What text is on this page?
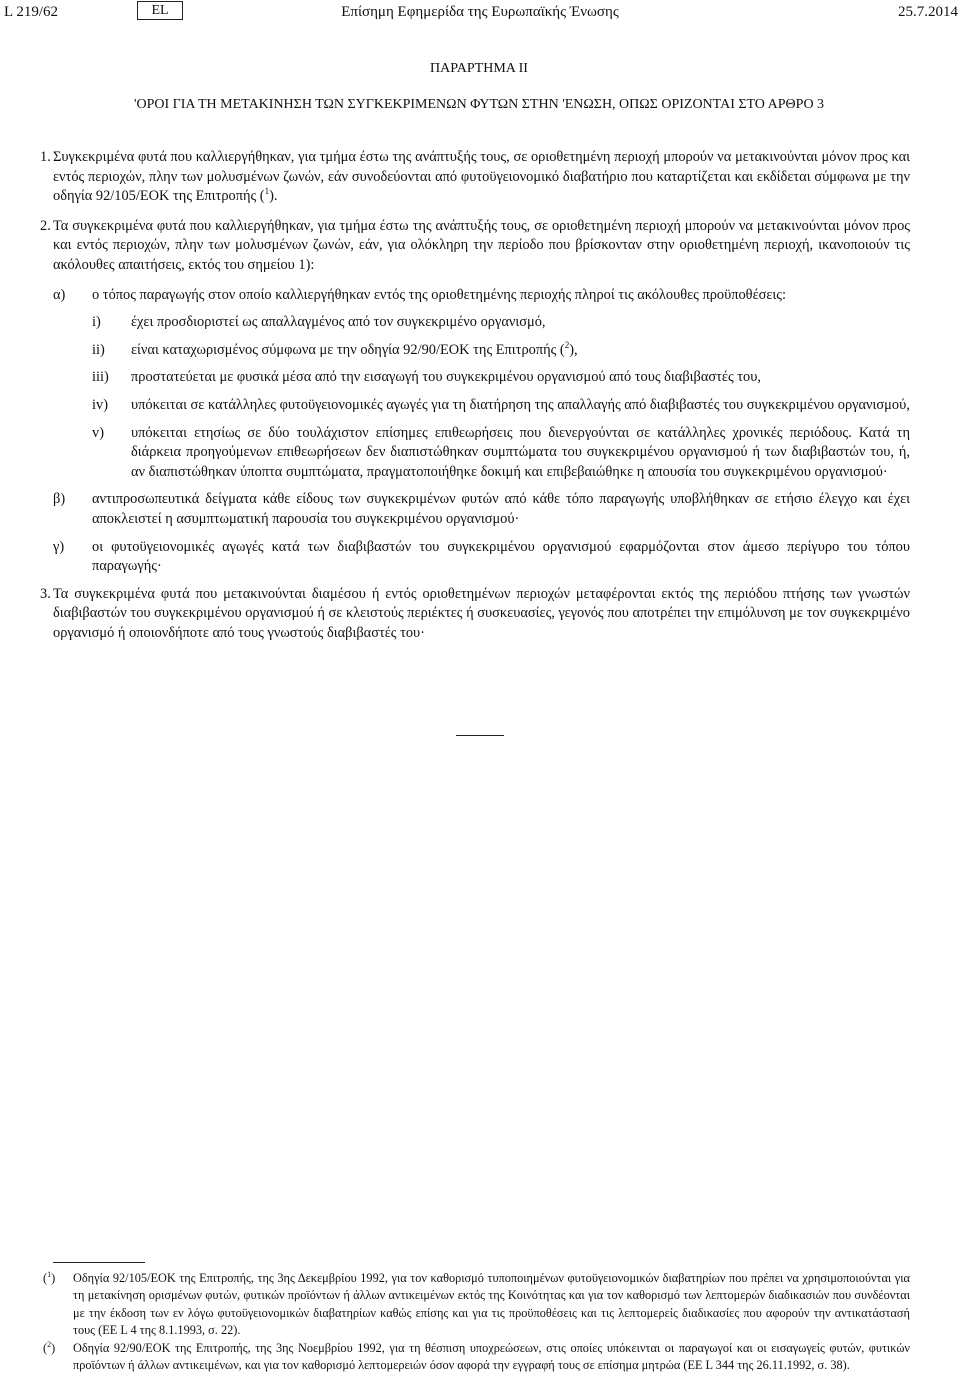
L 219/62	EL	Επίσημη Εφημερίδα της Ευρωπαϊκής Ένωσης	25.7.2014
ΠΑΡΑΡΤΗΜΑ II
'ΟΡΟΙ ΓΙΑ ΤΗ ΜΕΤΑΚΙΝΗΣΗ ΤΩΝ ΣΥΓΚΕΚΡΙΜΕΝΩΝ ΦΥΤΩΝ ΣΤΗΝ 'ΕΝΩΣΗ, ΟΠΩΣ ΟΡΙΖΟΝΤΑΙ ΣΤΟ ΑΡΘΡΟ 3
1. Συγκεκριμένα φυτά που καλλιεργήθηκαν, για τμήμα έστω της ανάπτυξής τους, σε οριοθετημένη περιοχή μπορούν να μετακινούνται μόνον προς και εντός περιοχών, πλην των μολυσμένων ζωνών, εάν συνοδεύονται από φυτοϋγειονομικό διαβατήριο που καταρτίζεται και εκδίδεται σύμφωνα με την οδηγία 92/105/ΕΟΚ της Επιτροπής ($^1$).
2. Τα συγκεκριμένα φυτά που καλλιεργήθηκαν, για τμήμα έστω της ανάπτυξής τους, σε οριοθετημένη περιοχή μπορούν να μετακινούνται μόνον προς και εντός περιοχών, πλην των μολυσμένων ζωνών, εάν, για ολόκληρη την περίοδο που βρίσκονταν στην οριοθετημένη περιοχή, ικανοποιούν τις ακόλουθες απαιτήσεις, εκτός του σημείου 1):
α) ο τόπος παραγωγής στον οποίο καλλιεργήθηκαν εντός της οριοθετημένης περιοχής πληροί τις ακόλουθες προϋποθέσεις:
i) έχει προσδιοριστεί ως απαλλαγμένος από τον συγκεκριμένο οργανισμό,
ii) είναι καταχωρισμένος σύμφωνα με την οδηγία 92/90/ΕΟΚ της Επιτροπής ($^2$),
iii) προστατεύεται με φυσικά μέσα από την εισαγωγή του συγκεκριμένου οργανισμού από τους διαβιβαστές του,
iv) υπόκειται σε κατάλληλες φυτοϋγειονομικές αγωγές για τη διατήρηση της απαλλαγής από διαβιβαστές του συγκεκριμένου οργανισμού,
v) υπόκειται ετησίως σε δύο τουλάχιστον επίσημες επιθεωρήσεις που διενεργούνται σε κατάλληλες χρονικές περιόδους. Κατά τη διάρκεια προηγούμενων επιθεωρήσεων δεν διαπιστώθηκαν συμπτώματα του συγκεκριμένου οργανισμού ή των διαβιβαστών του, ή, αν διαπιστώθηκαν ύποπτα συμπτώματα, πραγματοποιήθηκε δοκιμή και επιβεβαιώθηκε η απουσία του συγκεκριμένου οργανισμού·
β) αντιπροσωπευτικά δείγματα κάθε είδους των συγκεκριμένων φυτών από κάθε τόπο παραγωγής υποβλήθηκαν σε ετήσιο έλεγχο και έχει αποκλειστεί η ασυμπτωματική παρουσία του συγκεκριμένου οργανισμού·
γ) οι φυτοϋγειονομικές αγωγές κατά των διαβιβαστών του συγκεκριμένου οργανισμού εφαρμόζονται στον άμεσο περίγυρο του τόπου παραγωγής·
3. Τα συγκεκριμένα φυτά που μετακινούνται διαμέσου ή εντός οριοθετημένων περιοχών μεταφέρονται εκτός της περιόδου πτήσης των γνωστών διαβιβαστών του συγκεκριμένου οργανισμού ή σε κλειστούς περιέκτες ή συσκευασίες, γεγονός που αποτρέπει την επιμόλυνση με τον συγκεκριμένο οργανισμό ή οποιονδήποτε από τους γνωστούς διαβιβαστές του·
($^1$) Οδηγία 92/105/ΕΟΚ της Επιτροπής, της 3ης Δεκεμβρίου 1992, για τον καθορισμό τυποποιημένων φυτοϋγειονομικών διαβατηρίων που πρέπει να χρησιμοποιούνται για τη μετακίνηση ορισμένων φυτών, φυτικών προϊόντων ή άλλων αντικειμένων εκτός της Κοινότητας και για τον καθορισμό των λεπτομερών διαδικασιών που συνδέονται με την έκδοση των εν λόγω φυτοϋγειονομικών διαβατηρίων καθώς επίσης και για τις προϋποθέσεις και τις λεπτομερείς διαδικασίες που αφορούν την αντικατάστασή τους (ΕΕ L 4 της 8.1.1993, σ. 22).
($^2$) Οδηγία 92/90/ΕΟΚ της Επιτροπής, της 3ης Νοεμβρίου 1992, για τη θέσπιση υποχρεώσεων, στις οποίες υπόκεινται οι παραγωγοί και οι εισαγωγείς φυτών, φυτικών προϊόντων ή άλλων αντικειμένων, και για τον καθορισμό λεπτομερειών όσον αφορά την εγγραφή τους σε επίσημα μητρώα (ΕΕ L 344 της 26.11.1992, σ. 38).
